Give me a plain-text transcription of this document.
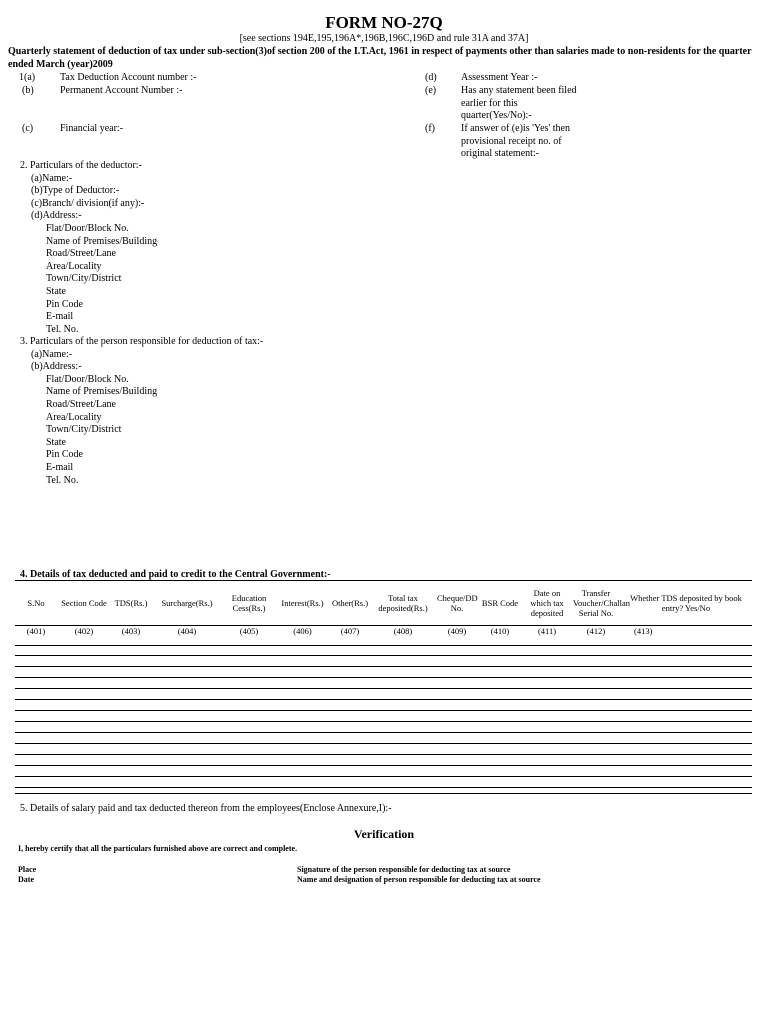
FORM NO-27Q
[see sections 194E,195,196A*,196B,196C,196D and rule 31A and 37A]
Quarterly statement of deduction of tax under sub-section(3)of section 200 of the I.T.Act, 1961 in respect of payments other than salaries made to non-residents for the quarter ended March (year)2009
1(a)	Tax Deduction Account number :-
(b)	Permanent Account Number :-
(c)	Financial year:-
(d)	Assessment Year :-
(e)	Has any statement been filed
earlier for this
quarter(Yes/No):-
(f)	If answer of (e)is 'Yes' then
provisional receipt no. of
original statement:-
2. Particulars of the deductor:-
(a)Name:-
(b)Type of Deductor:-
(c)Branch/ division(if any):-
(d)Address:-
Flat/Door/Block No.
Name of Premises/Building
Road/Street/Lane
Area/Locality
Town/City/District
State
Pin Code
E-mail
Tel. No.
3. Particulars of the person responsible for deduction of tax:-
(a)Name:-
(b)Address:-
Flat/Door/Block No.
Name of Premises/Building
Road/Street/Lane
Area/Locality
Town/City/District
State
Pin Code
E-mail
Tel. No.
4. Details of tax deducted and paid to credit to the Central Government:-
S.No	Section Code	TDS(Rs.)	Surcharge(Rs.)	Education Cess(Rs.)	Interest(Rs.)	Other(Rs.)	Total tax deposited(Rs.)	Cheque/DD No.	BSR Code	Date on which tax deposited	Transfer Voucher/Challan Serial No.	Whether TDS deposited by book entry? Yes/No
(401)	(402)	(403)	(404)	(405)	(406)	(407)	(408)	(409)	(410)	(411)	(412)	(413)
5. Details of salary paid and tax deducted thereon from the employees(Enclose Annexure,I):-
Verification
I, hereby certify that all the particulars furnished above are correct and complete.
Place
Date
Signature of the person responsible for deducting tax at source
Name and designation of person responsible for deducting tax at source
